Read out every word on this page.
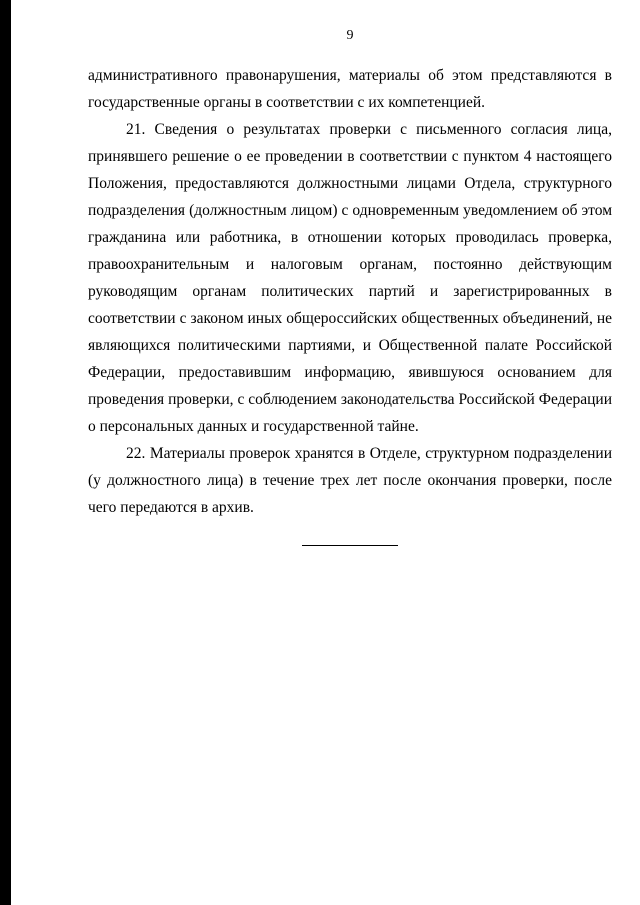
9

административного правонарушения, материалы об этом представляются в государственные органы в соответствии с их компетенцией.

21. Сведения о результатах проверки с письменного согласия лица, принявшего решение о ее проведении в соответствии с пунктом 4 настоящего Положения, предоставляются должностными лицами Отдела, структурного подразделения (должностным лицом) с одновременным уведомлением об этом гражданина или работника, в отношении которых проводилась проверка, правоохранительным и налоговым органам, постоянно действующим руководящим органам политических партий и зарегистрированных в соответствии с законом иных общероссийских общественных объединений, не являющихся политическими партиями, и Общественной палате Российской Федерации, предоставившим информацию, явившуюся основанием для проведения проверки, с соблюдением законодательства Российской Федерации о персональных данных и государственной тайне.

22. Материалы проверок хранятся в Отделе, структурном подразделении (у должностного лица) в течение трех лет после окончания проверки, после чего передаются в архив.
